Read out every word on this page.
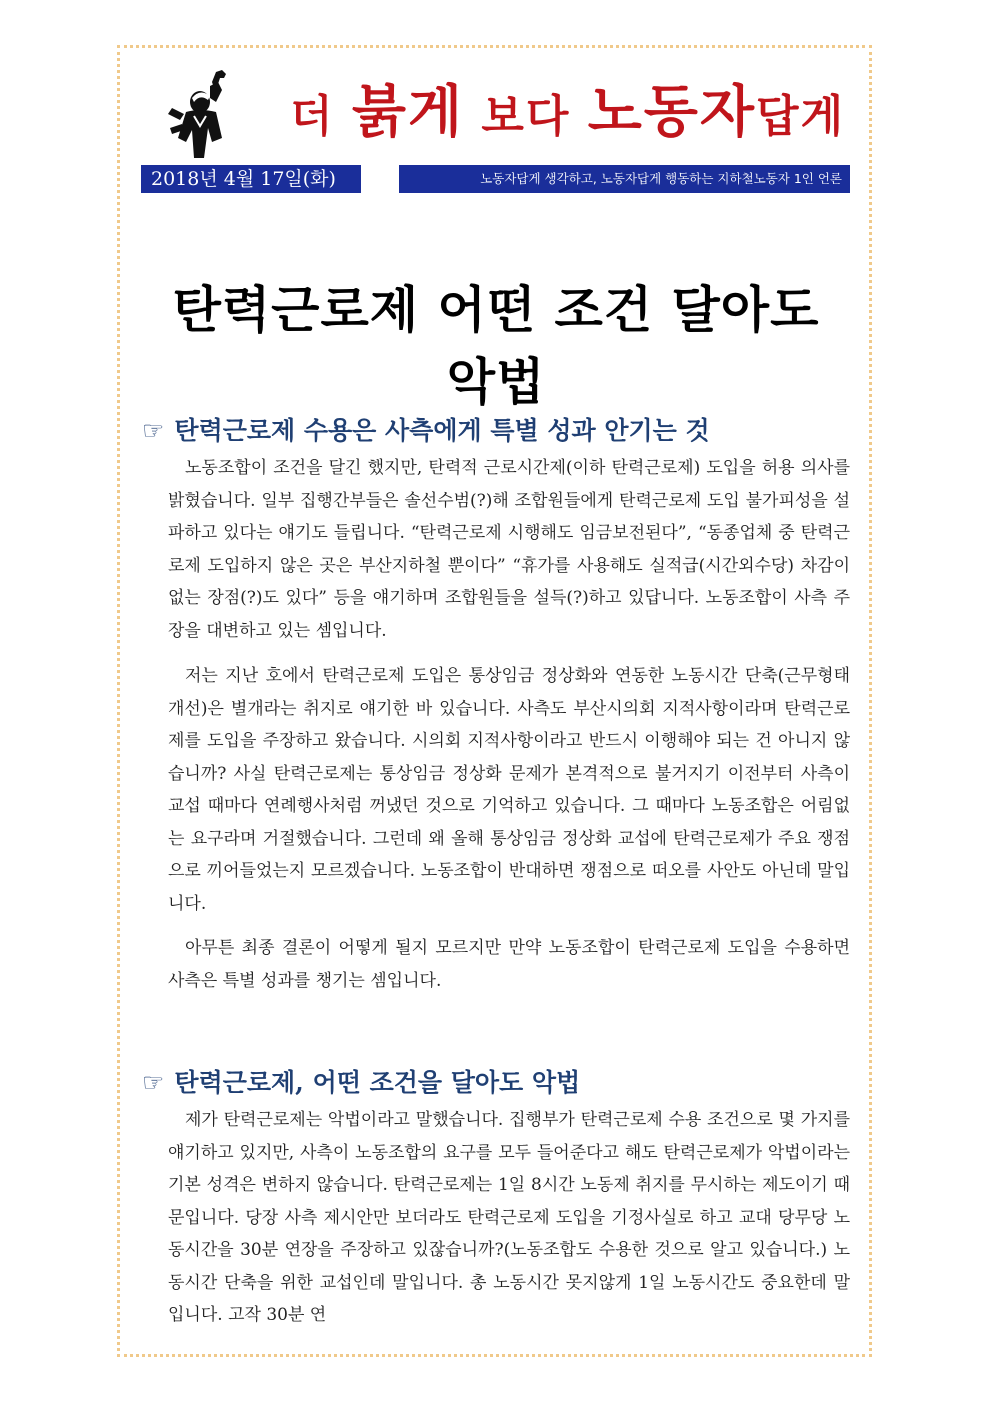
더 붉게 보다 노동자답게
2018년 4월 17일(화)	노동자답게 생각하고, 노동자답게 행동하는 지하철노동자 1인 언론
탄력근로제 어떤 조건 달아도 악법
☞ 탄력근로제 수용은 사측에게 특별 성과 안기는 것

노동조합이 조건을 달긴 했지만, 탄력적 근로시간제(이하 탄력근로제) 도입을 허용 의사를 밝혔습니다. 일부 집행간부들은 솔선수범(?)해 조합원들에게 탄력근로제 도입 불가피성을 설파하고 있다는 얘기도 들립니다. “탄력근로제 시행해도 임금보전된다”, “동종업체 중 탄력근로제 도입하지 않은 곳은 부산지하철 뿐이다” “휴가를 사용해도 실적급(시간외수당) 차감이 없는 장점(?)도 있다” 등을 얘기하며 조합원들을 설득(?)하고 있답니다. 노동조합이 사측 주장을 대변하고 있는 셈입니다.

저는 지난 호에서 탄력근로제 도입은 통상임금 정상화와 연동한 노동시간 단축(근무형태 개선)은 별개라는 취지로 얘기한 바 있습니다. 사측도 부산시의회 지적사항이라며 탄력근로제를 도입을 주장하고 왔습니다. 시의회 지적사항이라고 반드시 이행해야 되는 건 아니지 않습니까? 사실 탄력근로제는 통상임금 정상화 문제가 본격적으로 불거지기 이전부터 사측이 교섭 때마다 연례행사처럼 꺼냈던 것으로 기억하고 있습니다. 그 때마다 노동조합은 어림없는 요구라며 거절했습니다. 그런데 왜 올해 통상임금 정상화 교섭에 탄력근로제가 주요 쟁점으로 끼어들었는지 모르겠습니다. 노동조합이 반대하면 쟁점으로 떠오를 사안도 아닌데 말입니다.

아무튼 최종 결론이 어떻게 될지 모르지만 만약 노동조합이 탄력근로제 도입을 수용하면 사측은 특별 성과를 챙기는 셈입니다.

☞ 탄력근로제, 어떤 조건을 달아도 악법

제가 탄력근로제는 악법이라고 말했습니다. 집행부가 탄력근로제 수용 조건으로 몇 가지를 얘기하고 있지만, 사측이 노동조합의 요구를 모두 들어준다고 해도 탄력근로제가 악법이라는 기본 성격은 변하지 않습니다. 탄력근로제는 1일 8시간 노동제 취지를 무시하는 제도이기 때문입니다. 당장 사측 제시안만 보더라도 탄력근로제 도입을 기정사실로 하고 교대 당무당 노동시간을 30분 연장을 주장하고 있잖습니까?(노동조합도 수용한 것으로 알고 있습니다.) 노동시간 단축을 위한 교섭인데 말입니다. 총 노동시간 못지않게 1일 노동시간도 중요한데 말입니다. 고작 30분 연
